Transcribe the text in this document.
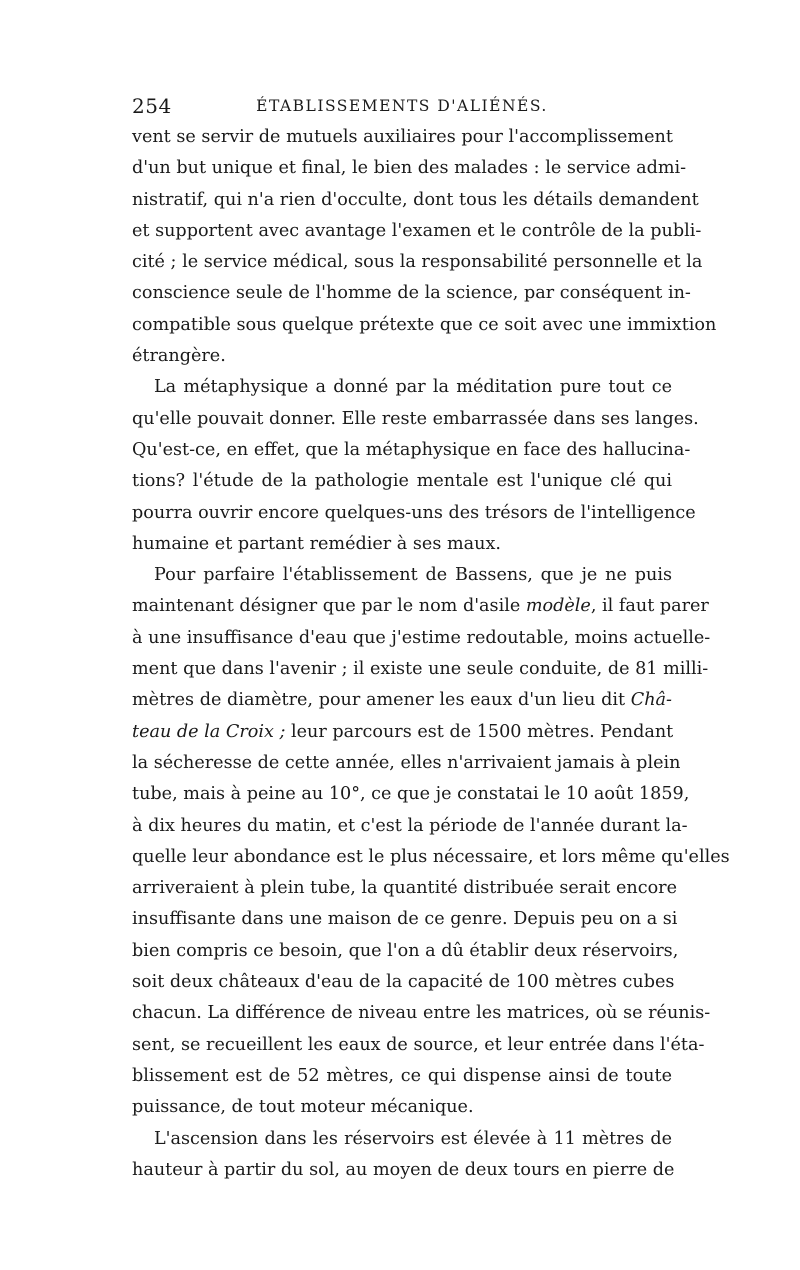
254	ÉTABLISSEMENTS D'ALIÉNÉS.
vent se servir de mutuels auxiliaires pour l'accomplissement
d'un but unique et final, le bien des malades : le service admi-
nistratif, qui n'a rien d'occulte, dont tous les détails demandent
et supportent avec avantage l'examen et le contrôle de la publi-
cité ; le service médical, sous la responsabilité personnelle et la
conscience seule de l'homme de la science, par conséquent in-
compatible sous quelque prétexte que ce soit avec une immixtion
étrangère.
La métaphysique a donné par la méditation pure tout ce
qu'elle pouvait donner. Elle reste embarrassée dans ses langes.
Qu'est-ce, en effet, que la métaphysique en face des hallucina-
tions? l'étude de la pathologie mentale est l'unique clé qui
pourra ouvrir encore quelques-uns des trésors de l'intelligence
humaine et partant remédier à ses maux.
Pour parfaire l'établissement de Bassens, que je ne puis
maintenant désigner que par le nom d'asile modèle, il faut parer
à une insuffisance d'eau que j'estime redoutable, moins actuelle-
ment que dans l'avenir ; il existe une seule conduite, de 81 milli-
mètres de diamètre, pour amener les eaux d'un lieu dit Châ-
teau de la Croix ; leur parcours est de 1500 mètres. Pendant
la sécheresse de cette année, elles n'arrivaient jamais à plein
tube, mais à peine au 10°, ce que je constatai le 10 août 1859,
à dix heures du matin, et c'est la période de l'année durant la-
quelle leur abondance est le plus nécessaire, et lors même qu'elles
arriveraient à plein tube, la quantité distribuée serait encore
insuffisante dans une maison de ce genre. Depuis peu on a si
bien compris ce besoin, que l'on a dû établir deux réservoirs,
soit deux châteaux d'eau de la capacité de 100 mètres cubes
chacun. La différence de niveau entre les matrices, où se réunis-
sent, se recueillent les eaux de source, et leur entrée dans l'éta-
blissement est de 52 mètres, ce qui dispense ainsi de toute
puissance, de tout moteur mécanique.
L'ascension dans les réservoirs est élevée à 11 mètres de
hauteur à partir du sol, au moyen de deux tours en pierre de
